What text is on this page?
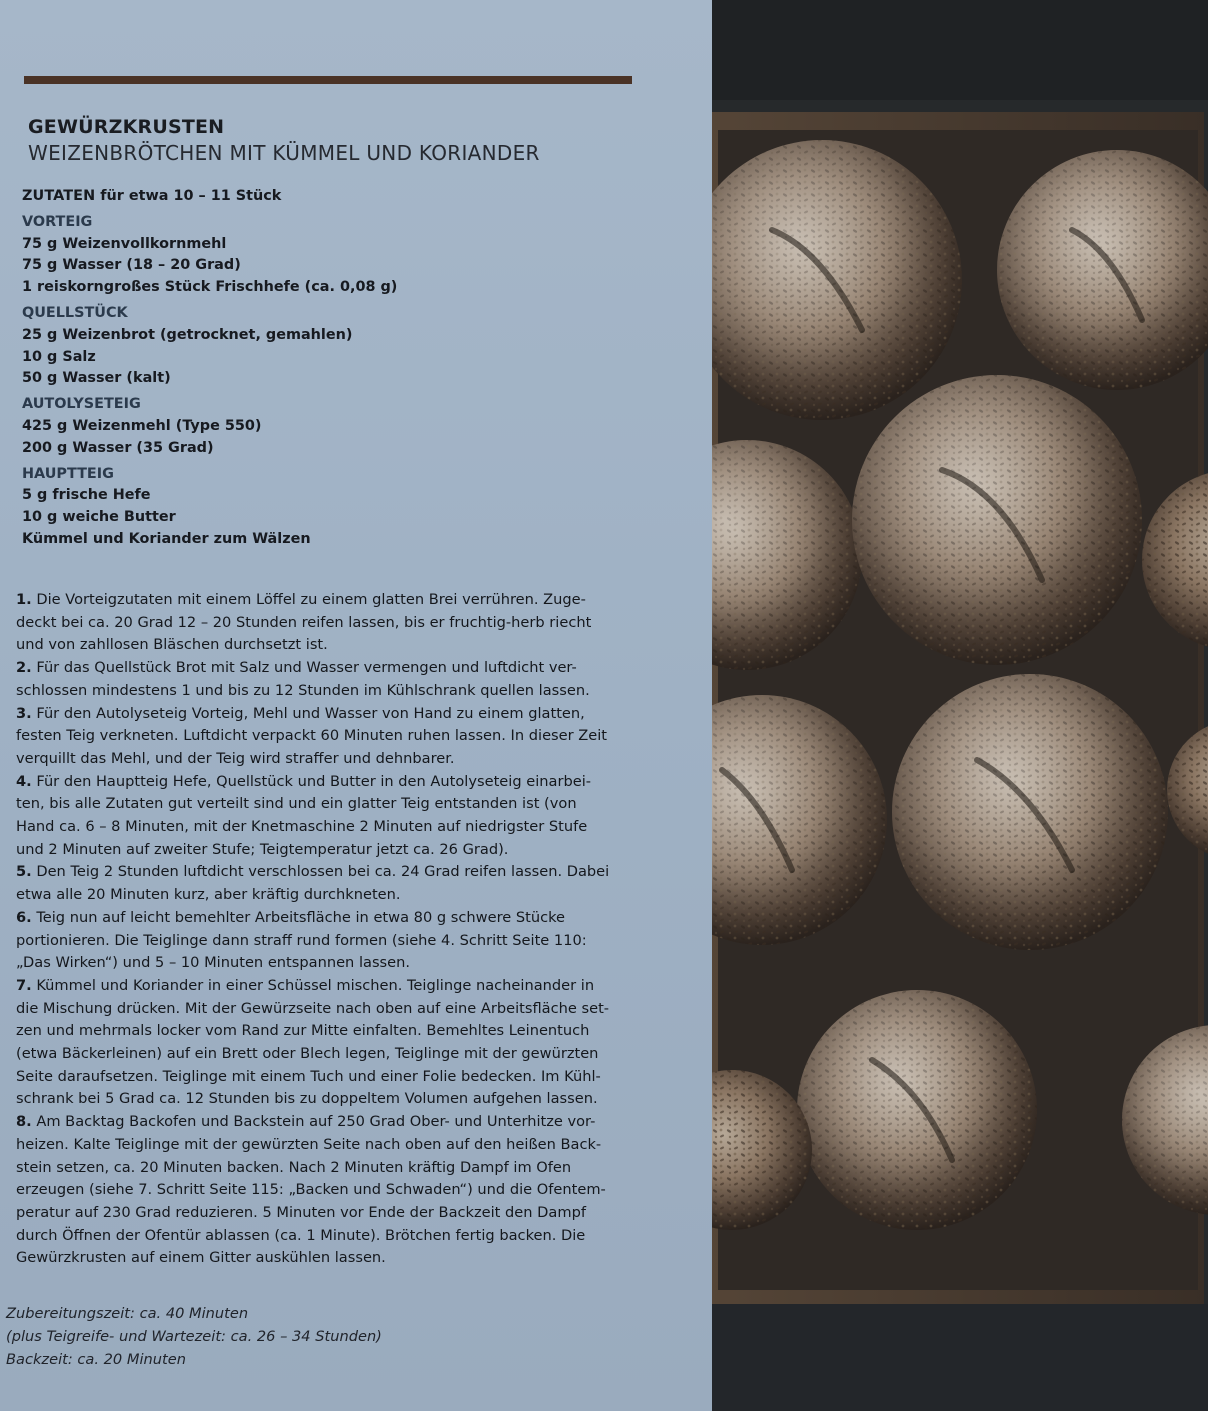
GEWÜRZKRUSTEN
WEIZENBRÖTCHEN MIT KÜMMEL UND KORIANDER
ZUTATEN für etwa 10 – 11 Stück
VORTEIG
75 g Weizenvollkornmehl
75 g Wasser (18 – 20 Grad)
1 reiskorngroßes Stück Frischhefe (ca. 0,08 g)
QUELLSTÜCK
25 g Weizenbrot (getrocknet, gemahlen)
10 g Salz
50 g Wasser (kalt)
AUTOLYSETEIG
425 g Weizenmehl (Type 550)
200 g Wasser (35 Grad)
HAUPTTEIG
5 g frische Hefe
10 g weiche Butter
Kümmel und Koriander zum Wälzen
1. Die Vorteigzutaten mit einem Löffel zu einem glatten Brei verrühren. Zuge-
deckt bei ca. 20 Grad 12 – 20 Stunden reifen lassen, bis er fruchtig-herb riecht
und von zahllosen Bläschen durchsetzt ist.
2. Für das Quellstück Brot mit Salz und Wasser vermengen und luftdicht ver-
schlossen mindestens 1 und bis zu 12 Stunden im Kühlschrank quellen lassen.
3. Für den Autolyseteig Vorteig, Mehl und Wasser von Hand zu einem glatten,
festen Teig verkneten. Luftdicht verpackt 60 Minuten ruhen lassen. In dieser Zeit
verquillt das Mehl, und der Teig wird straffer und dehnbarer.
4. Für den Hauptteig Hefe, Quellstück und Butter in den Autolyseteig einarbei-
ten, bis alle Zutaten gut verteilt sind und ein glatter Teig entstanden ist (von
Hand ca. 6 – 8 Minuten, mit der Knetmaschine 2 Minuten auf niedrigster Stufe
und 2 Minuten auf zweiter Stufe; Teigtemperatur jetzt ca. 26 Grad).
5. Den Teig 2 Stunden luftdicht verschlossen bei ca. 24 Grad reifen lassen. Dabei
etwa alle 20 Minuten kurz, aber kräftig durchkneten.
6. Teig nun auf leicht bemehlter Arbeitsfläche in etwa 80 g schwere Stücke
portionieren. Die Teiglinge dann straff rund formen (siehe 4. Schritt Seite 110:
„Das Wirken“) und 5 – 10 Minuten entspannen lassen.
7. Kümmel und Koriander in einer Schüssel mischen. Teiglinge nacheinander in
die Mischung drücken. Mit der Gewürzseite nach oben auf eine Arbeitsfläche set-
zen und mehrmals locker vom Rand zur Mitte einfalten. Bemehltes Leinentuch
(etwa Bäckerleinen) auf ein Brett oder Blech legen, Teiglinge mit der gewürzten
Seite daraufsetzen. Teiglinge mit einem Tuch und einer Folie bedecken. Im Kühl-
schrank bei 5 Grad ca. 12 Stunden bis zu doppeltem Volumen aufgehen lassen.
8. Am Backtag Backofen und Backstein auf 250 Grad Ober- und Unterhitze vor-
heizen. Kalte Teiglinge mit der gewürzten Seite nach oben auf den heißen Back-
stein setzen, ca. 20 Minuten backen. Nach 2 Minuten kräftig Dampf im Ofen
erzeugen (siehe 7. Schritt Seite 115: „Backen und Schwaden“) und die Ofentem-
peratur auf 230 Grad reduzieren. 5 Minuten vor Ende der Backzeit den Dampf
durch Öffnen der Ofentür ablassen (ca. 1 Minute). Brötchen fertig backen. Die
Gewürzkrusten auf einem Gitter auskühlen lassen.
Zubereitungszeit: ca. 40 Minuten
(plus Teigreife- und Wartezeit: ca. 26 – 34 Stunden)
Backzeit: ca. 20 Minuten
